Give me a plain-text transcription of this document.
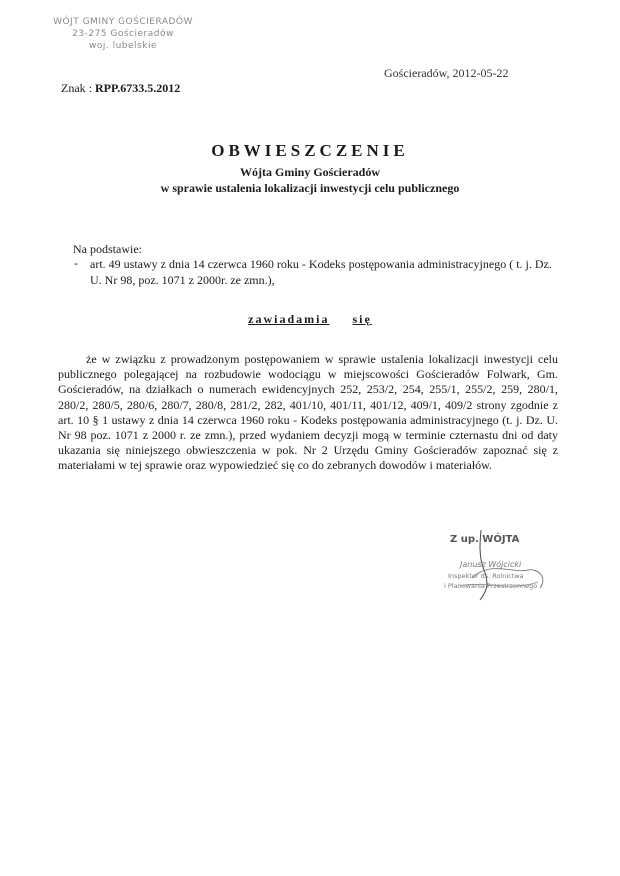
WÓJT GMINY GOŚCIERADÓW
23-275 Gościeradów
woj. lubelskie
Gościeradów, 2012-05-22
Znak : RPP.6733.5.2012
OBWIESZCZENIE
Wójta Gminy Gościeradów
w sprawie ustalenia lokalizacji inwestycji celu publicznego
Na podstawie:
- art. 49 ustawy z dnia 14 czerwca 1960 roku - Kodeks postępowania administracyjnego ( t. j. Dz. U. Nr 98, poz. 1071 z 2000r. ze zmn.),
zawiadamia się
że w związku z prowadzonym postępowaniem w sprawie ustalenia lokalizacji inwestycji celu publicznego polegającej na rozbudowie wodociągu w miejscowości Gościeradów Folwark, Gm. Gościeradów, na działkach o numerach ewidencyjnych 252, 253/2, 254, 255/1, 255/2, 259, 280/1, 280/2, 280/5, 280/6, 280/7, 280/8, 281/2, 282, 401/10, 401/11, 401/12, 409/1, 409/2 strony zgodnie z art. 10 § 1 ustawy z dnia 14 czerwca 1960 roku - Kodeks postępowania administracyjnego (t. j. Dz. U. Nr 98 poz. 1071 z 2000 r. ze zmn.), przed wydaniem decyzji mogą w terminie czternastu dni od daty ukazania się niniejszego obwieszczenia w pok. Nr 2 Urzędu Gminy Gościeradów zapoznać się z materiałami w tej sprawie oraz wypowiedzieć się co do zebranych dowodów i materiałów.
Z up. WÓJTA
Janusz Wójcicki
Inspektor ds. Rolnictwa
i Planowania Przestrzennego
